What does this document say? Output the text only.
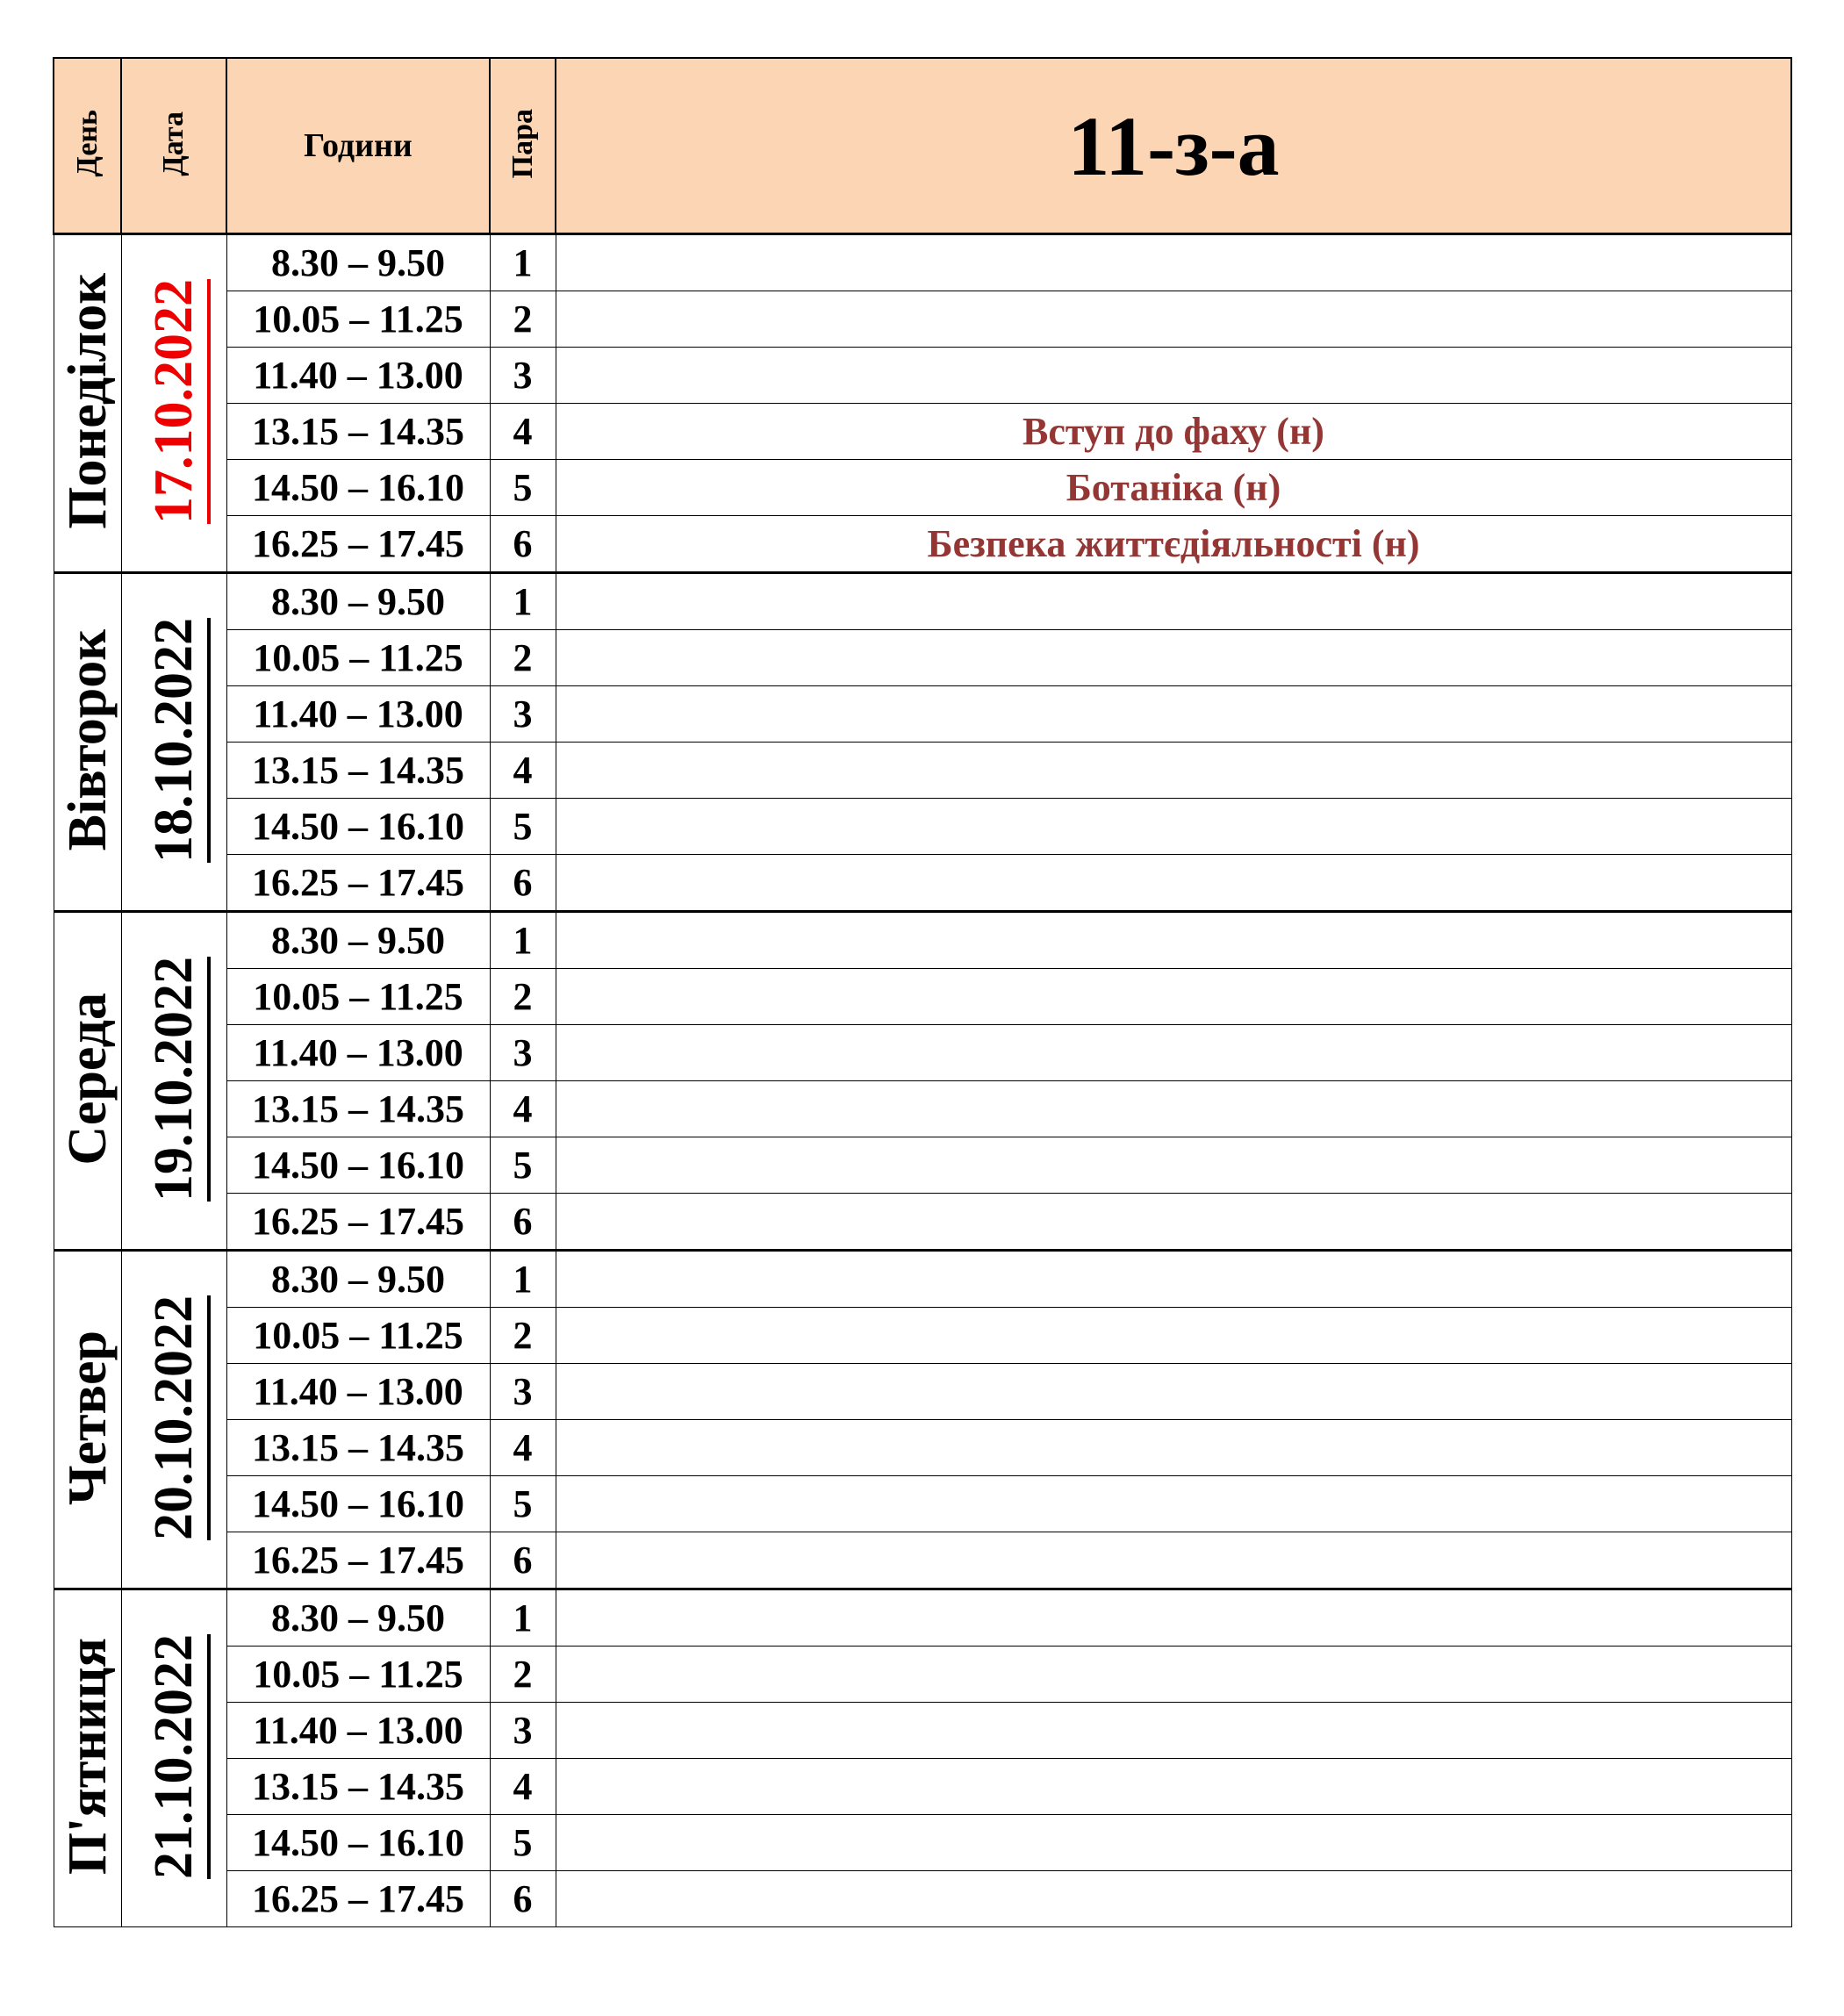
День	Дата	Години	Пара	11-з-а
Понеділок	17.10.2022	8.30 – 9.50	1	
		10.05 – 11.25	2	
		11.40 – 13.00	3	
		13.15 – 14.35	4	Вступ до фаху (н)
		14.50 – 16.10	5	Ботаніка (н)
		16.25 – 17.45	6	Безпека життєдіяльності (н)
Вівторок	18.10.2022	8.30 – 9.50	1	
		10.05 – 11.25	2	
		11.40 – 13.00	3	
		13.15 – 14.35	4	
		14.50 – 16.10	5	
		16.25 – 17.45	6	
Середа	19.10.2022	8.30 – 9.50	1	
		10.05 – 11.25	2	
		11.40 – 13.00	3	
		13.15 – 14.35	4	
		14.50 – 16.10	5	
		16.25 – 17.45	6	
Четвер	20.10.2022	8.30 – 9.50	1	
		10.05 – 11.25	2	
		11.40 – 13.00	3	
		13.15 – 14.35	4	
		14.50 – 16.10	5	
		16.25 – 17.45	6	
П'ятниця	21.10.2022	8.30 – 9.50	1	
		10.05 – 11.25	2	
		11.40 – 13.00	3	
		13.15 – 14.35	4	
		14.50 – 16.10	5	
		16.25 – 17.45	6	
